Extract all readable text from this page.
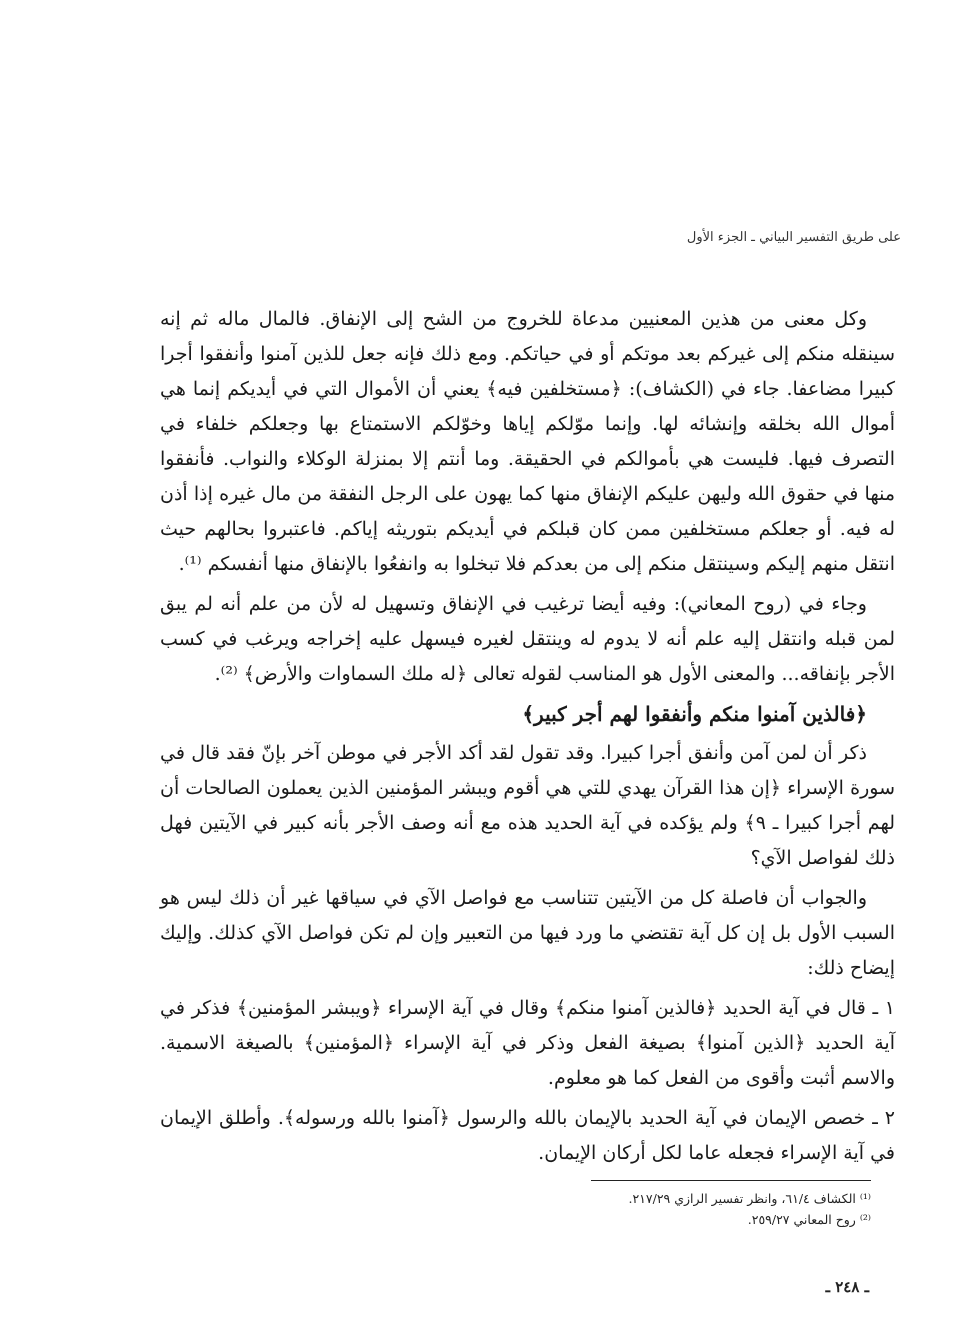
على طريق التفسير البياني ـ الجزء الأول

وكل معنى من هذين المعنيين مدعاة للخروج من الشح إلى الإنفاق. فالمال ماله ثم إنه سينقله منكم إلى غيركم بعد موتكم أو في حياتكم. ومع ذلك فإنه جعل للذين آمنوا وأنفقوا أجرا كبيرا مضاعفا. جاء في (الكشاف): ﴿مستخلفين فيه﴾ يعني أن الأموال التي في أيديكم إنما هي أموال الله بخلقه وإنشائه لها. وإنما موّلكم إياها وخوّلكم الاستمتاع بها وجعلكم خلفاء في التصرف فيها. فليست هي بأموالكم في الحقيقة. وما أنتم إلا بمنزلة الوكلاء والنواب. فأنفقوا منها في حقوق الله وليهن عليكم الإنفاق منها كما يهون على الرجل النفقة من مال غيره إذا أذن له فيه. أو جعلكم مستخلفين ممن كان قبلكم في أيديكم بتوريثه إياكم. فاعتبروا بحالهم حيث انتقل منهم إليكم وسينتقل منكم إلى من بعدكم فلا تبخلوا به وانفعُوا بالإنفاق منها أنفسكم ⁽¹⁾.

وجاء في (روح المعاني): وفيه أيضا ترغيب في الإنفاق وتسهيل له لأن من علم أنه لم يبق لمن قبله وانتقل إليه علم أنه لا يدوم له وينتقل لغيره فيسهل عليه إخراجه ويرغب في كسب الأجر بإنفاقه... والمعنى الأول هو المناسب لقوله تعالى ﴿له ملك السماوات والأرض﴾ ⁽²⁾.

﴿فالذين آمنوا منكم وأنفقوا لهم أجر كبير﴾

ذكر أن لمن آمن وأنفق أجرا كبيرا. وقد تقول لقد أكد الأجر في موطن آخر بإنّ فقد قال في سورة الإسراء ﴿إن هذا القرآن يهدي للتي هي أقوم ويبشر المؤمنين الذين يعملون الصالحات أن لهم أجرا كبيرا ـ ٩﴾ ولم يؤكده في آية الحديد هذه مع أنه وصف الأجر بأنه كبير في الآيتين فهل ذلك لفواصل الآي؟

والجواب أن فاصلة كل من الآيتين تتناسب مع فواصل الآي في سياقها غير أن ذلك ليس هو السبب الأول بل إن كل آية تقتضي ما ورد فيها من التعبير وإن لم تكن فواصل الآي كذلك. وإليك إيضاح ذلك:

١ ـ قال في آية الحديد ﴿فالذين آمنوا منكم﴾ وقال في آية الإسراء ﴿ويبشر المؤمنين﴾ فذكر في آية الحديد ﴿الذين آمنوا﴾ بصيغة الفعل وذكر في آية الإسراء ﴿المؤمنين﴾ بالصيغة الاسمية. والاسم أثبت وأقوى من الفعل كما هو معلوم.

٢ ـ خصص الإيمان في آية الحديد بالإيمان بالله والرسول ﴿آمنوا بالله ورسوله﴾. وأطلق الإيمان في آية الإسراء فجعله عاما لكل أركان الإيمان.

⁽¹⁾ الكشاف ٦١/٤، وانظر تفسير الرازي ٢١٧/٢٩.
⁽²⁾ روح المعاني ٢٥٩/٢٧.
ـ ٢٤٨ ـ
